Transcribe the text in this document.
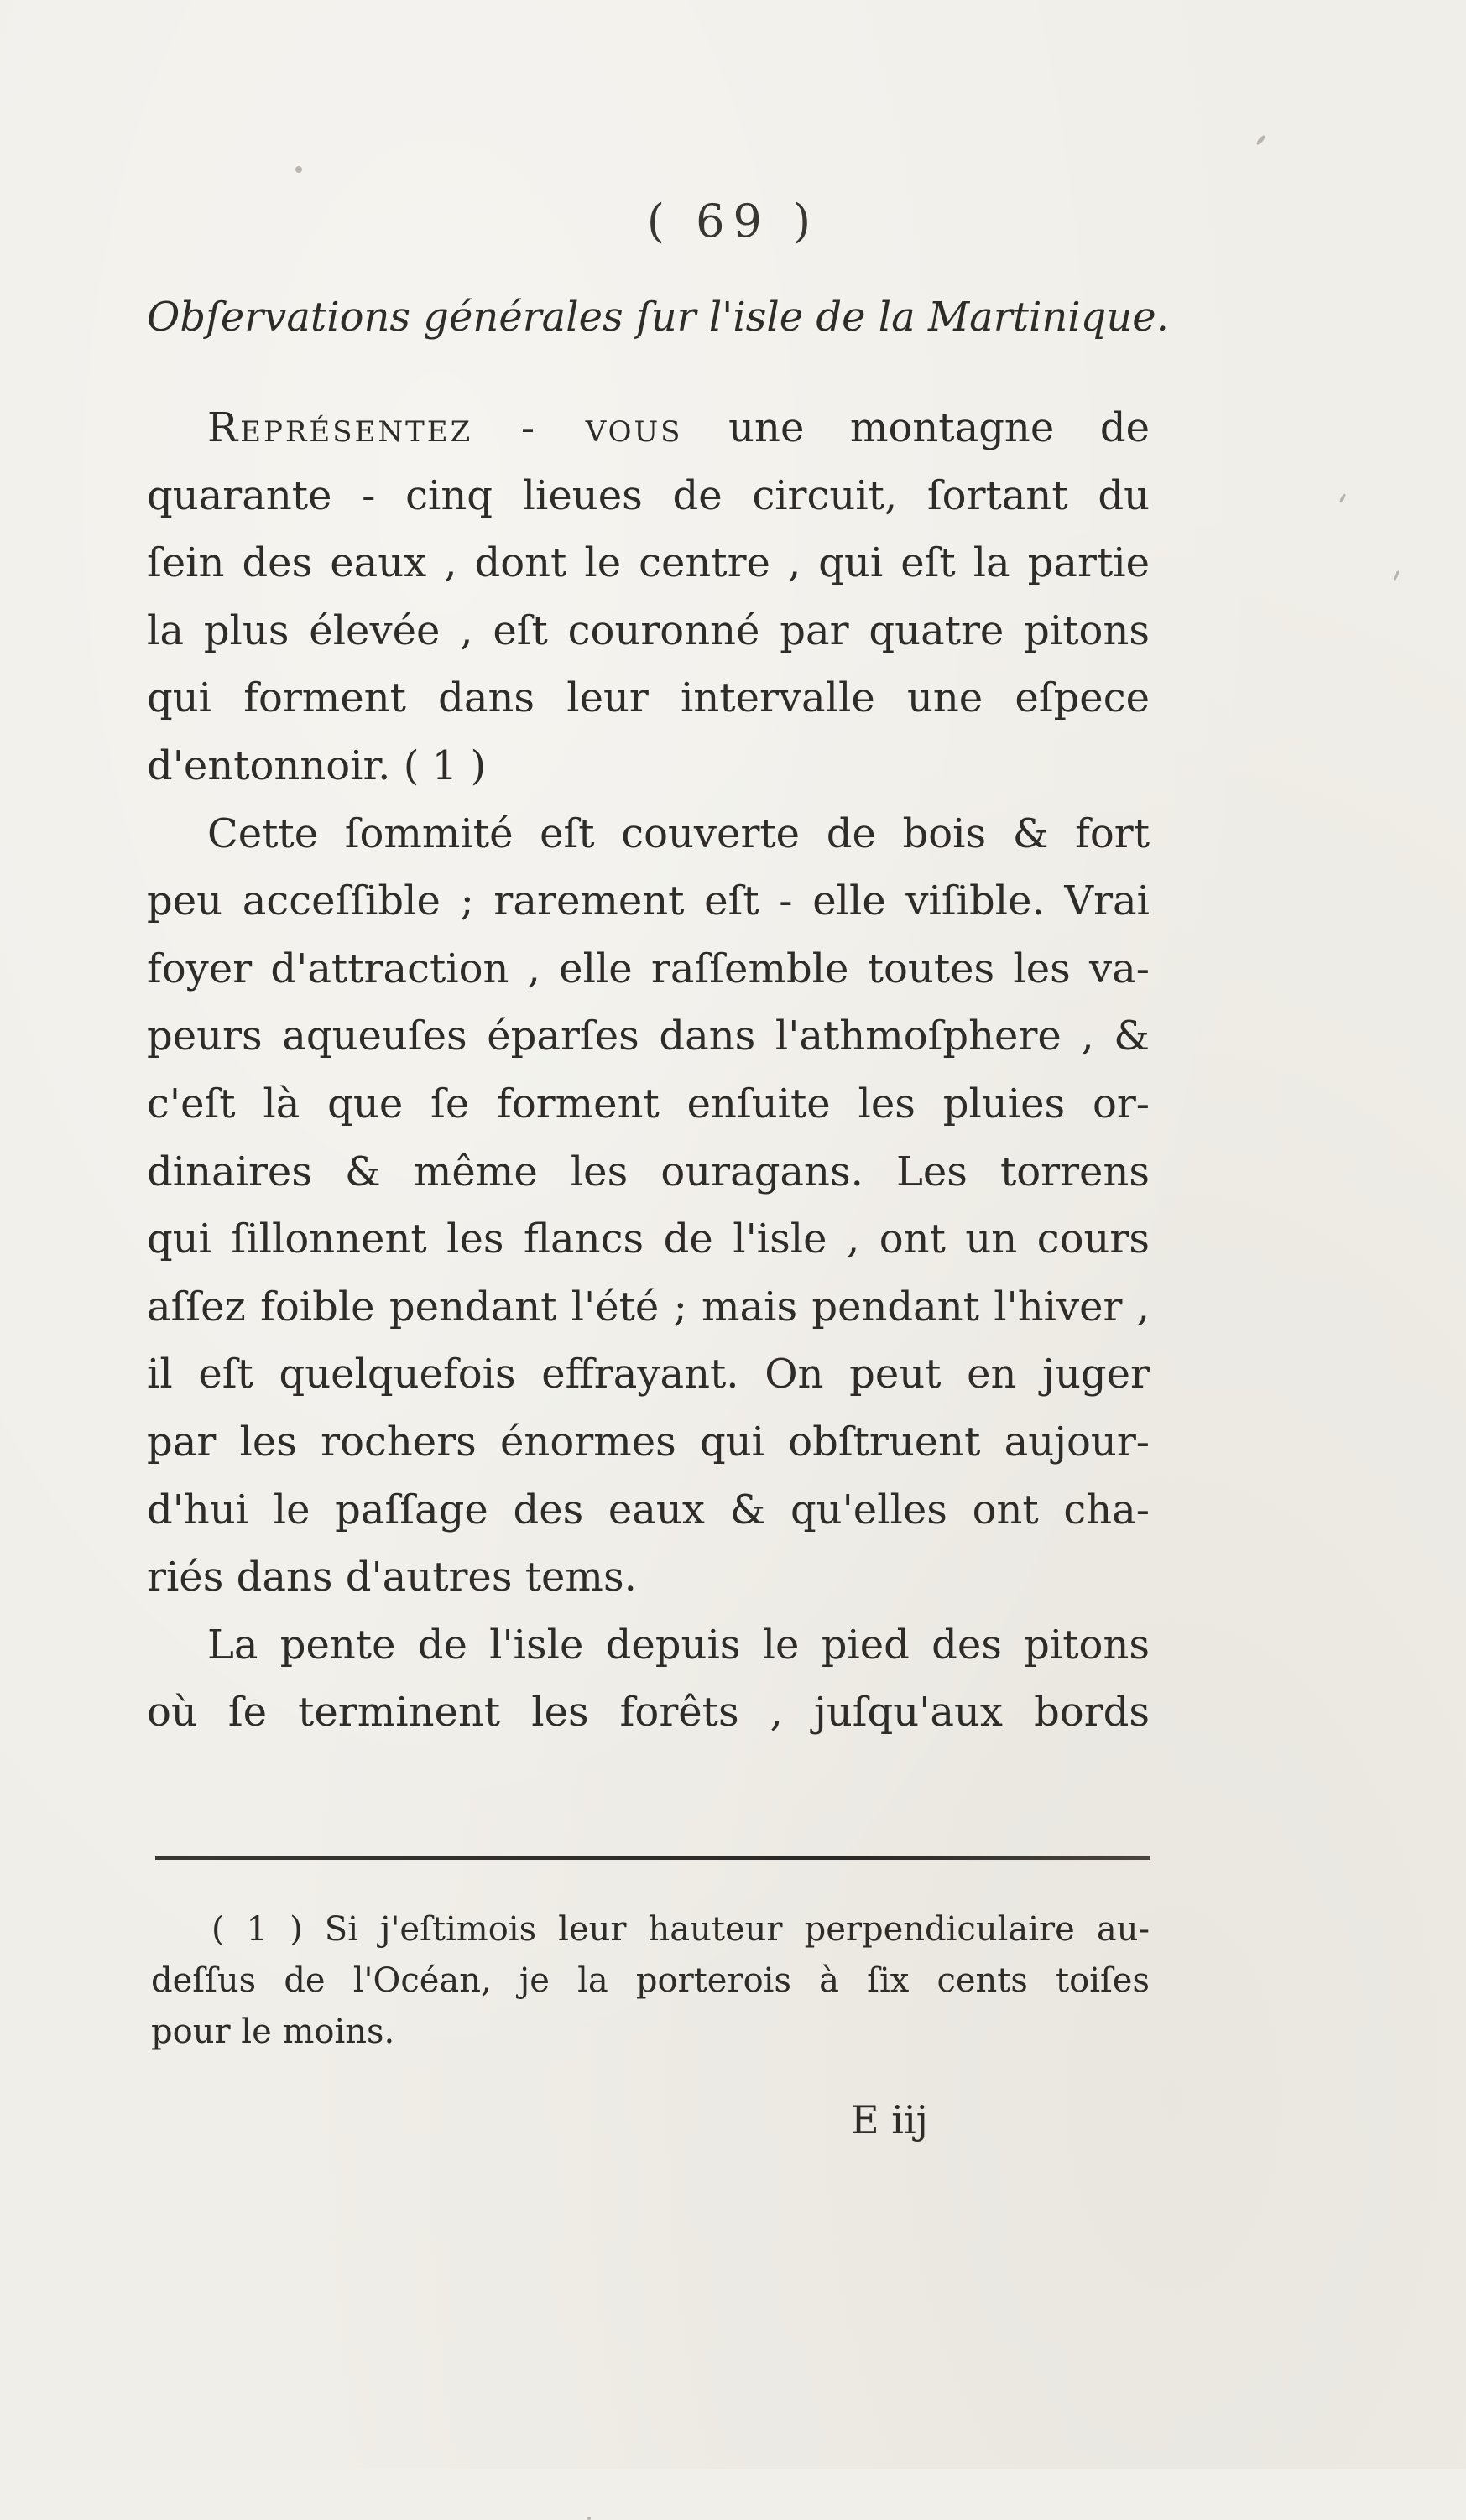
( 69 )
Obſervations générales ſur l'isle de la Martinique.
Représentez - vous une montagne de
quarante - cinq lieues de circuit, ſortant du
ſein des eaux , dont le centre , qui eſt la partie
la plus élevée , eſt couronné par quatre pitons
qui forment dans leur intervalle une eſpece
d'entonnoir. ( 1 )
Cette ſommité eſt couverte de bois & fort
peu acceſſible ; rarement eſt - elle viſible. Vrai
foyer d'attraction , elle raſſemble toutes les va-
peurs aqueuſes éparſes dans l'athmoſphere , &
c'eſt là que ſe forment enſuite les pluies or-
dinaires & même les ouragans. Les torrens
qui ſillonnent les flancs de l'isle , ont un cours
aſſez foible pendant l'été ; mais pendant l'hiver ,
il eſt quelquefois effrayant. On peut en juger
par les rochers énormes qui obſtruent aujour-
d'hui le paſſage des eaux & qu'elles ont cha-
riés dans d'autres tems.
La pente de l'isle depuis le pied des pitons
où ſe terminent les forêts , juſqu'aux bords
( 1 ) Si j'eſtimois leur hauteur perpendiculaire au-
deſſus de l'Océan, je la porterois à ſix cents toiſes
pour le moins.
E iij
